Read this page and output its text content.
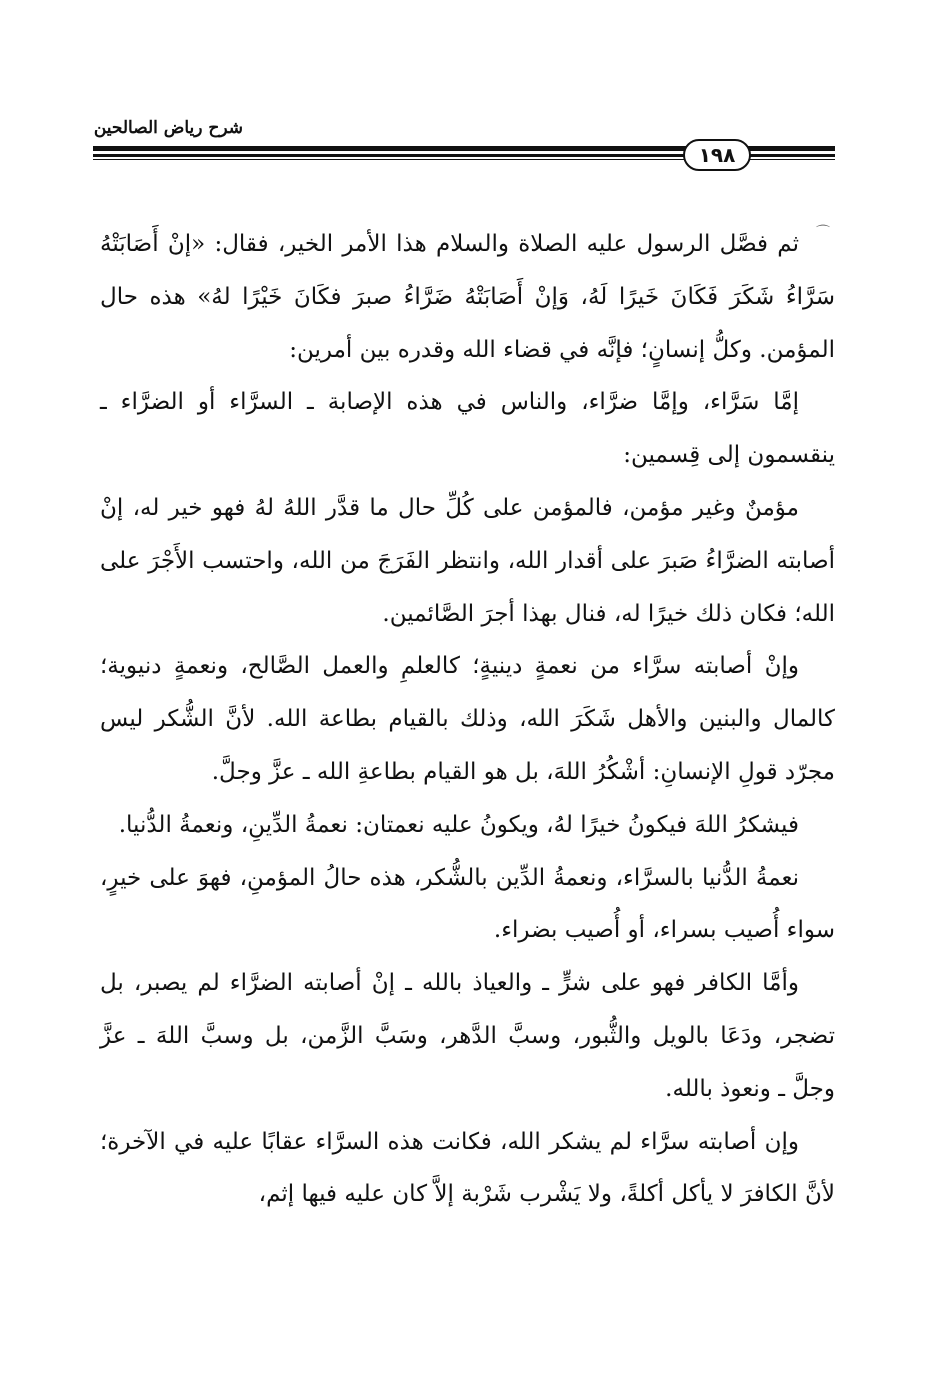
شرح رياض الصالحين
١٩٨
⌒

ثم فصَّل الرسول عليه الصلاة والسلام هذا الأمر الخير، فقال: «إنْ أَصَابَتْهُ سَرَّاءُ شَكَرَ فَكَانَ خَيرًا لَهُ، وَإنْ أَصَابَتْهُ ضَرَّاءُ صبرَ فكَانَ خَيْرًا لهُ» هذه حال المؤمن. وكلُّ إنسانٍ؛ فإنَّه في قضاء الله وقدره بين أمرين:

إمَّا سَرَّاء، وإمَّا ضرَّاء، والناس في هذه الإصابة ـ السرَّاء أو الضرَّاء ـ ينقسمون إلى قِسمين:

مؤمنٌ وغير مؤمن، فالمؤمن على كُلِّ حال ما قدَّر اللهُ لهُ فهو خير له، إنْ أصابته الضرَّاءُ صَبرَ على أقدار الله، وانتظر الفَرَجَ من الله، واحتسب الأَجْرَ على الله؛ فكان ذلك خيرًا له، فنال بهذا أجرَ الصَّائمين.

وإنْ أصابته سرَّاء من نعمةٍ دينيةٍ؛ كالعلمِ والعمل الصَّالح، ونعمةٍ دنيوية؛ كالمال والبنين والأهل شَكَرَ الله، وذلك بالقيام بطاعة الله. لأنَّ الشُّكر ليس مجرّد قولِ الإنسانِ: أشْكُرُ اللهَ، بل هو القيام بطاعةِ الله ـ عزَّ وجلَّ.

فيشكرُ اللهَ فيكونُ خيرًا لهُ، ويكونُ عليه نعمتان: نعمةُ الدِّينِ، ونعمةُ الدُّنيا.

نعمةُ الدُّنيا بالسرَّاء، ونعمةُ الدِّين بالشُّكر، هذه حالُ المؤمنِ، فهوَ على خيرٍ، سواء أُصيب بسراء، أو أُصيب بضراء.

وأمَّا الكافر فهو على شرٍّ ـ والعياذ بالله ـ إنْ أصابته الضرَّاء لم يصبر، بل تضجر، ودَعَا بالويل والثُّبور، وسبَّ الدَّهر، وسَبَّ الزَّمن، بل وسبَّ اللهَ ـ عزَّ وجلَّ ـ ونعوذ بالله.

وإن أصابته سرَّاء لم يشكر الله، فكانت هذه السرَّاء عقابًا عليه في الآخرة؛ لأنَّ الكافرَ لا يأكل أكلةً، ولا يَشْرب شَرْبة إلاَّ كان عليه فيها إثم،
